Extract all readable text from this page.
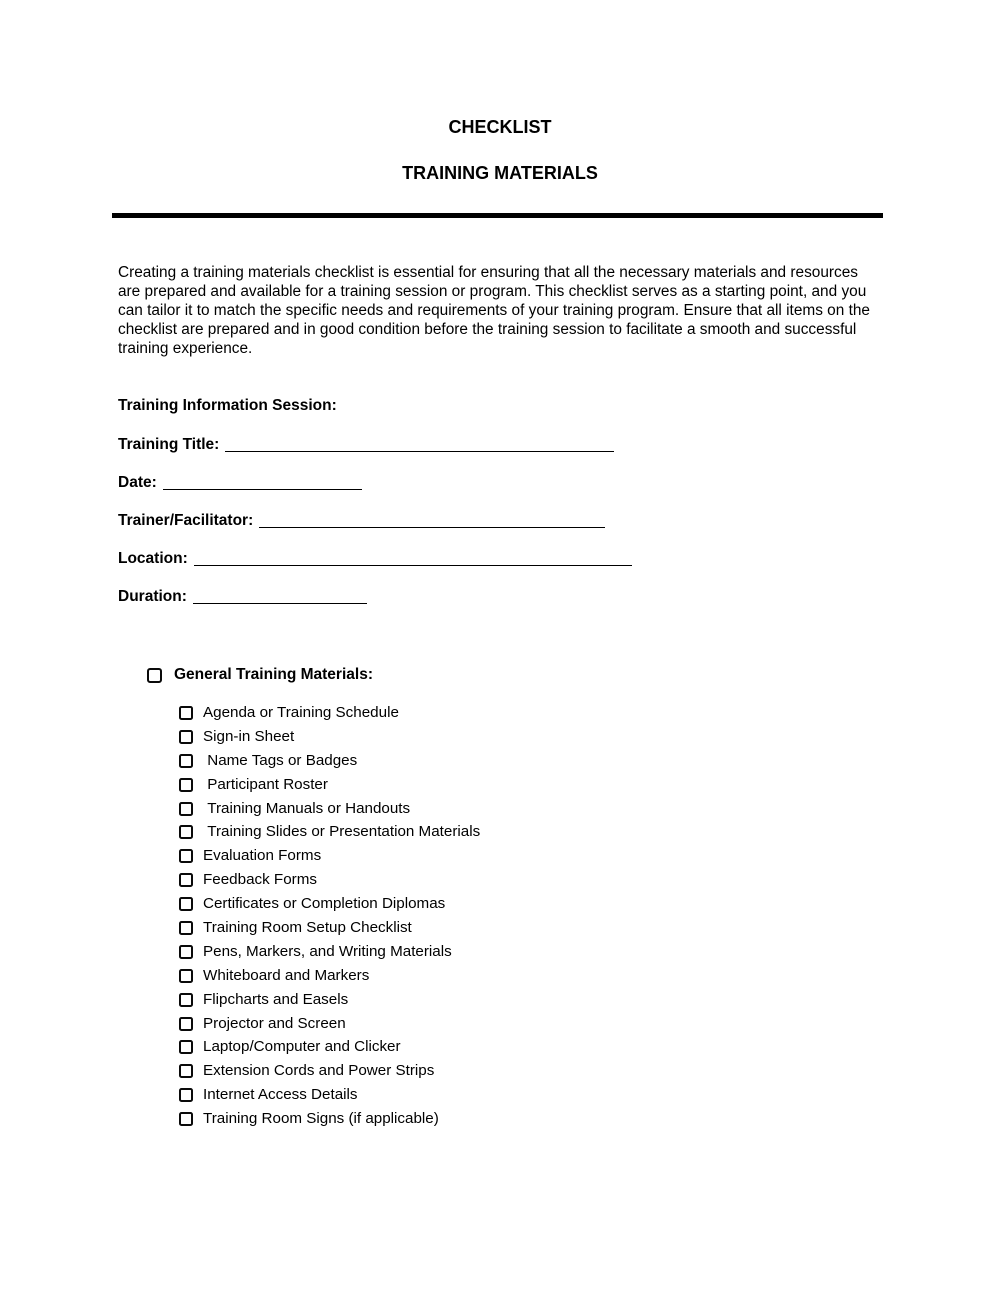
CHECKLIST
TRAINING MATERIALS

Creating a training materials checklist is essential for ensuring that all the necessary materials and resources are prepared and available for a training session or program. This checklist serves as a starting point, and you can tailor it to match the specific needs and requirements of your training program. Ensure that all items on the checklist are prepared and in good condition before the training session to facilitate a smooth and successful training experience.

Training Information Session:
Training Title:
Date:
Trainer/Facilitator:
Location:
Duration:
General Training Materials:
Agenda or Training Schedule
Sign-in Sheet
Name Tags or Badges
Participant Roster
Training Manuals or Handouts
Training Slides or Presentation Materials
Evaluation Forms
Feedback Forms
Certificates or Completion Diplomas
Training Room Setup Checklist
Pens, Markers, and Writing Materials
Whiteboard and Markers
Flipcharts and Easels
Projector and Screen
Laptop/Computer and Clicker
Extension Cords and Power Strips
Internet Access Details
Training Room Signs (if applicable)
